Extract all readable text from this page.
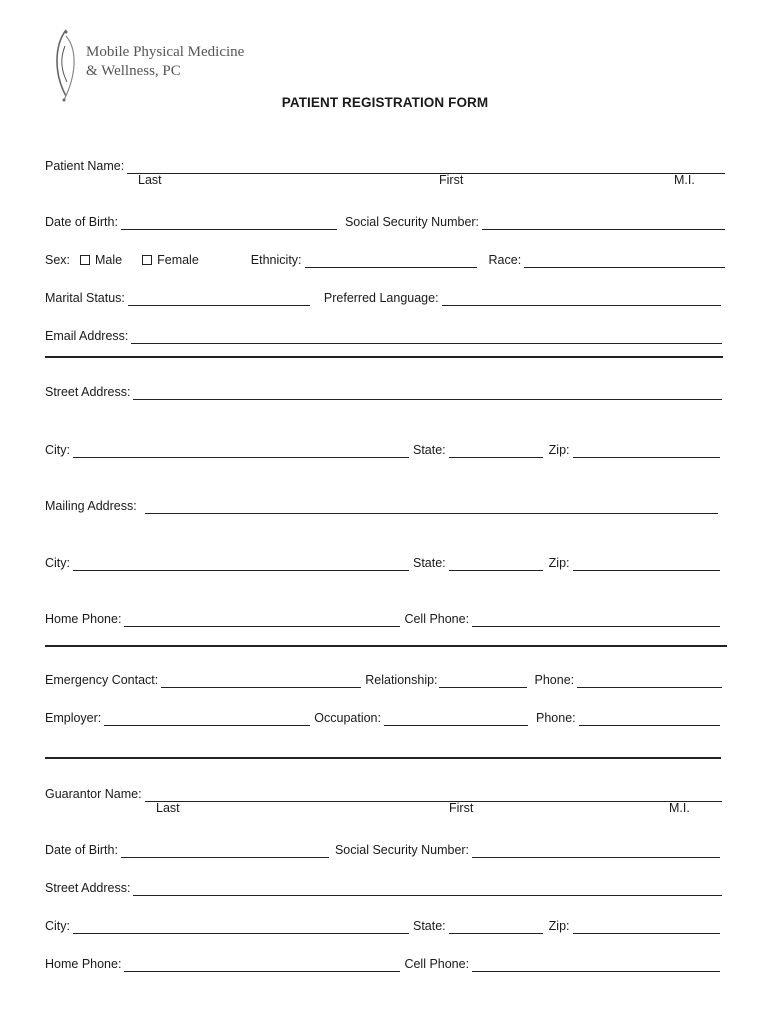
Mobile Physical Medicine
& Wellness, PC
PATIENT REGISTRATION FORM
Patient Name:
Last	First	M.I.
Date of Birth:	Social Security Number:
Sex:	Male	Female	Ethnicity:	Race:
Marital Status:	Preferred Language:
Email Address:
Street Address:
City:	State:	Zip:
Mailing Address:
City:	State:	Zip:
Home Phone:	Cell Phone:
Emergency Contact:	Relationship:	Phone:
Employer:	Occupation:	Phone:
Guarantor Name:
Last	First	M.I.
Date of Birth:	Social Security Number:
Street Address:
City:	State:	Zip:
Home Phone:	Cell Phone:
